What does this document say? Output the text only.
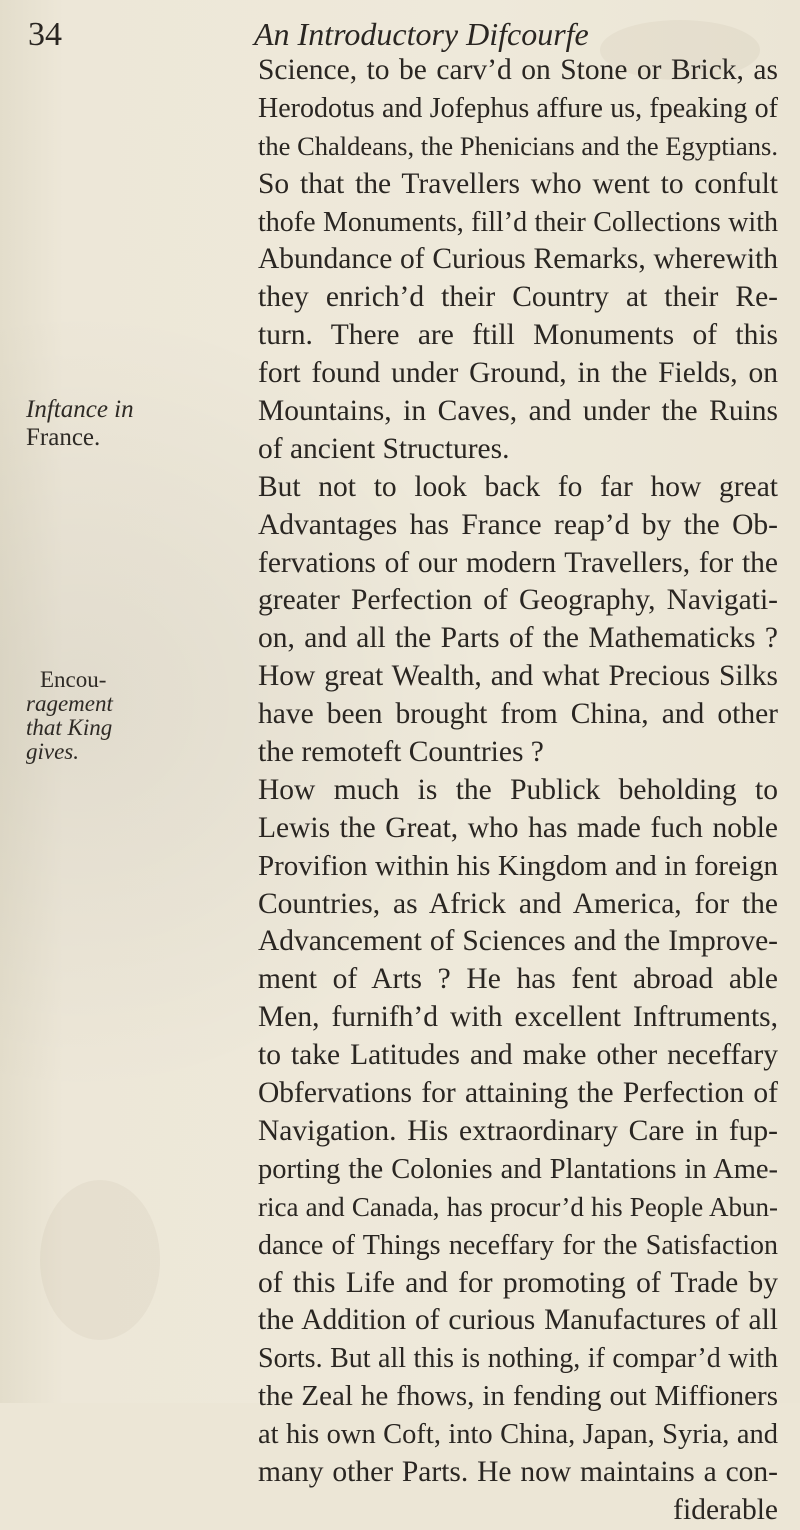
34	An Introductory Difcourfe
Inftance in
France.
Encou-
ragement
that King
gives.
Science, to be carv’d on Stone or Brick, as
Herodotus and Jofephus affure us, fpeaking of
the Chaldeans, the Phenicians and the Egyptians.
So that the Travellers who went to confult
thofe Monuments, fill’d their Collections with
Abundance of Curious Remarks, wherewith
they enrich’d their Country at their Re-
turn. There are ftill Monuments of this
fort found under Ground, in the Fields, on
Mountains, in Caves, and under the Ruins
of ancient Structures.
But not to look back fo far how great
Advantages has France reap’d by the Ob-
fervations of our modern Travellers, for the
greater Perfection of Geography, Navigati-
on, and all the Parts of the Mathematicks ?
How great Wealth, and what Precious Silks
have been brought from China, and other
the remoteft Countries ?
How much is the Publick beholding to
Lewis the Great, who has made fuch noble
Provifion within his Kingdom and in foreign
Countries, as Africk and America, for the
Advancement of Sciences and the Improve-
ment of Arts ? He has fent abroad able
Men, furnifh’d with excellent Inftruments,
to take Latitudes and make other neceffary
Obfervations for attaining the Perfection of
Navigation. His extraordinary Care in fup-
porting the Colonies and Plantations in Ame-
rica and Canada, has procur’d his People Abun-
dance of Things neceffary for the Satisfaction
of this Life and for promoting of Trade by
the Addition of curious Manufactures of all
Sorts. But all this is nothing, if compar’d with
the Zeal he fhows, in fending out Miffioners
at his own Coft, into China, Japan, Syria, and
many other Parts. He now maintains a con-
fiderable
